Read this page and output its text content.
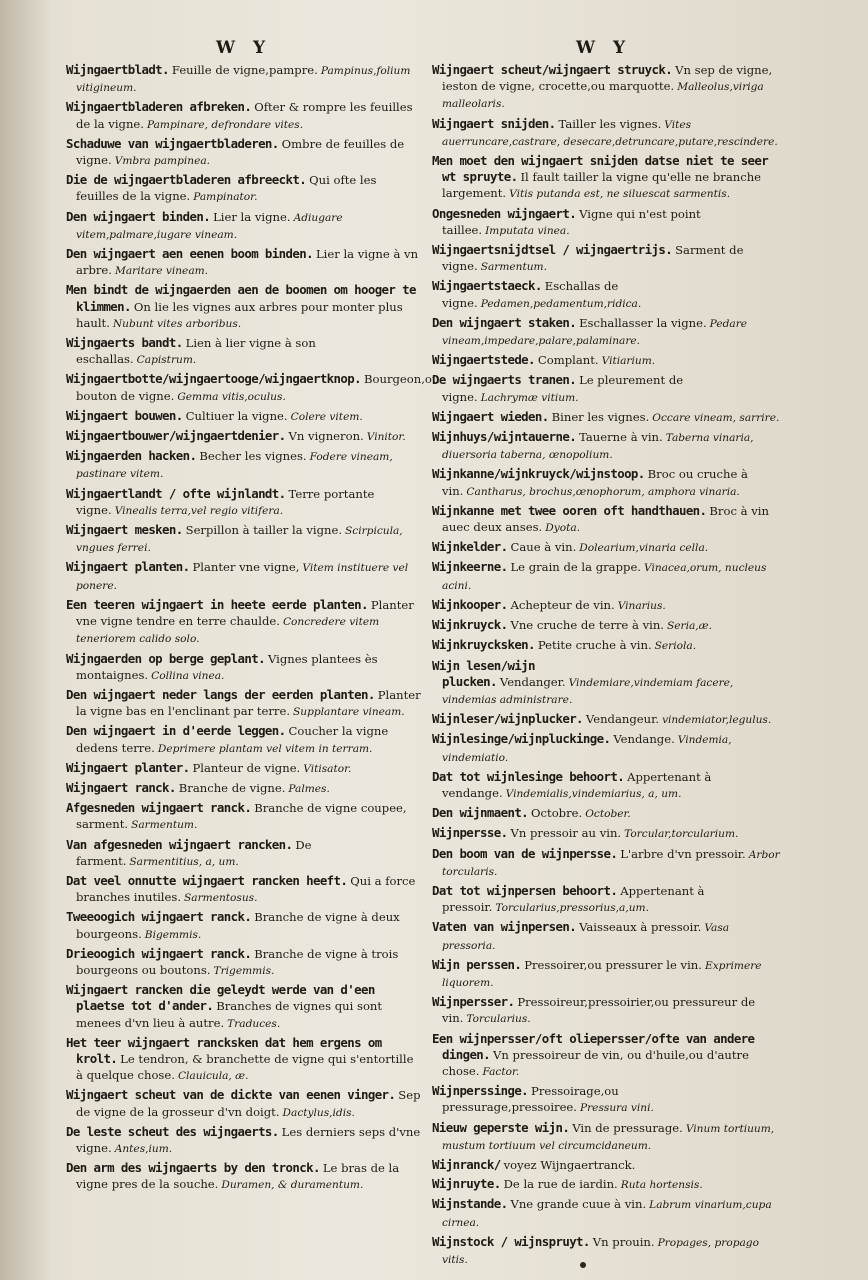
W Y	W Y

Wijngaertbladt. Feuille de vigne,pampre. Pampinus,folium vitigineum.

Wijngaertbladeren afbreken. Ofter & rompre les feuilles de la vigne. Pampinare, defrondare vites.

Schaduwe van wijngaertbladeren. Ombre de feuilles de vigne. Vmbra pampinea.

Die de wijngaertbladeren afbreeckt. Qui ofte les feuilles de la vigne. Pampinator.

Den wijngaert binden. Lier la vigne. Adiugare vitem,palmare,iugare vineam.

Den wijngaert aen eenen boom binden. Lier la vigne à vn arbre. Maritare vineam.

Men bindt de wijngaerden aen de boomen om hooger te klimmen. On lie les vignes aux arbres pour monter plus hault. Nubunt vites arboribus.

Wijngaerts bandt. Lien à lier vigne à son eschallas. Capistrum.

Wijngaertbotte/wijngaertooge/wijngaertknop. Bourgeon,ou bouton de vigne. Gemma vitis,oculus.

Wijngaert bouwen. Cultiuer la vigne. Colere vitem.

Wijngaertbouwer/wijngaertdenier. Vn vigneron. Vinitor.

Wijngaerden hacken. Becher les vignes. Fodere vineam, pastinare vitem.

Wijngaertlandt / ofte wijnlandt. Terre portante vigne. Vinealis terra,vel regio vitifera.

Wijngaert mesken. Serpillon à tailler la vigne. Scirpicula, vngues ferrei.

Wijngaert planten. Planter vne vigne, Vitem instituere vel ponere.

Een teeren wijngaert in heete eerde planten. Planter vne vigne tendre en terre chaulde. Concredere vitem teneriorem calido solo.

Wijngaerden op berge geplant. Vignes plantees ès montaignes. Collina vinea.

Den wijngaert neder langs der eerden planten. Planter la vigne bas en l'enclinant par terre. Supplantare vineam.

Den wijngaert in d'eerde leggen. Coucher la vigne dedens terre. Deprimere plantam vel vitem in terram.

Wijngaert planter. Planteur de vigne. Vitisator.

Wijngaert ranck. Branche de vigne. Palmes.

Afgesneden wijngaert ranck. Branche de vigne coupee, sarment. Sarmentum.

Van afgesneden wijngaert rancken. De farment. Sarmentitius, a, um.

Dat veel onnutte wijngaert rancken heeft. Qui a force branches inutiles. Sarmentosus.

Tweeoogich wijngaert ranck. Branche de vigne à deux bourgeons. Bigemmis.

Drieoogich wijngaert ranck. Branche de vigne à trois bourgeons ou boutons. Trigemmis.

Wijngaert rancken die geleydt werde van d'een plaetse tot d'ander. Branches de vignes qui sont menees d'vn lieu à autre. Traduces.

Het teer wijngaert rancksken dat hem ergens om krolt. Le tendron, & branchette de vigne qui s'entortille à quelque chose. Clauicula, æ.

Wijngaert scheut van de dickte van eenen vinger. Sep de vigne de la grosseur d'vn doigt. Dactylus,idis.

De leste scheut des wijngaerts. Les derniers seps d'vne vigne. Antes,ium.

Den arm des wijngaerts by den tronck. Le bras de la vigne pres de la souche. Duramen, & duramentum.

Wijngaert scheut/wijngaert struyck. Vn sep de vigne, ieston de vigne, crocette,ou marquotte. Malleolus,viriga malleolaris.

Wijngaert snijden. Tailler les vignes. Vites auerruncare,castrare, desecare,detruncare,putare,rescindere.

Men moet den wijngaert snijden datse niet te seer wt spruyte. Il fault tailler la vigne qu'elle ne branche largement. Vitis putanda est, ne siluescat sarmentis.

Ongesneden wijngaert. Vigne qui n'est point taillee. Imputata vinea.

Wijngaertsnijdtsel / wijngaertrijs. Sarment de vigne. Sarmentum.

Wijngaertstaeck. Eschallas de vigne. Pedamen,pedamentum,ridica.

Den wijngaert staken. Eschallasser la vigne. Pedare vineam,impedare,palare,palaminare.

Wijngaertstede. Complant. Vitiarium.

De wijngaerts tranen. Le pleurement de vigne. Lachrymæ vitium.

Wijngaert wieden. Biner les vignes. Occare vineam, sarrire.

Wijnhuys/wijntauerne. Tauerne à vin. Taberna vinaria, diuersoria taberna, œnopolium.

Wijnkanne/wijnkruyck/wijnstoop. Broc ou cruche à vin. Cantharus, brochus,œnophorum, amphora vinaria.

Wijnkanne met twee ooren oft handthauen. Broc à vin auec deux anses. Dyota.

Wijnkelder. Caue à vin. Dolearium,vinaria cella.

Wijnkeerne. Le grain de la grappe. Vinacea,orum, nucleus acini.

Wijnkooper. Achepteur de vin. Vinarius.

Wijnkruyck. Vne cruche de terre à vin. Seria,æ.

Wijnkruycksken. Petite cruche à vin. Seriola.

Wijn lesen/wijn plucken. Vendanger. Vindemiare,vindemiam facere, vindemias administrare.

Wijnleser/wijnplucker. Vendangeur. vindemiator,legulus.

Wijnlesinge/wijnpluckinge. Vendange. Vindemia, vindemiatio.

Dat tot wijnlesinge behoort. Appertenant à vendange. Vindemialis,vindemiarius, a, um.

Den wijnmaent. Octobre. October.

Wijnpersse. Vn pressoir au vin. Torcular,torcularium.

Den boom van de wijnpersse. L'arbre d'vn pressoir. Arbor torcularis.

Dat tot wijnpersen behoort. Appertenant à pressoir. Torcularius,pressorius,a,um.

Vaten van wijnpersen. Vaisseaux à pressoir. Vasa pressoria.

Wijn perssen. Pressoirer,ou pressurer le vin. Exprimere liquorem.

Wijnpersser. Pressoireur,pressoirier,ou pressureur de vin. Torcularius.

Een wijnpersser/oft oliepersser/ofte van andere dingen. Vn pressoireur de vin, ou d'huile,ou d'autre chose. Factor.

Wijnperssinge. Pressoirage,ou pressurage,pressoiree. Pressura vini.

Nieuw geperste wijn. Vin de pressurage. Vinum tortiuum, mustum tortiuum vel circumcidaneum.

Wijnranck/ voyez Wijngaertranck.

Wijnruyte. De la rue de iardin. Ruta hortensis.

Wijnstande. Vne grande cuue à vin. Labrum vinarium,cupa cirnea.

Wijnstock / wijnspruyt. Vn prouin. Propages, propago vitis.
